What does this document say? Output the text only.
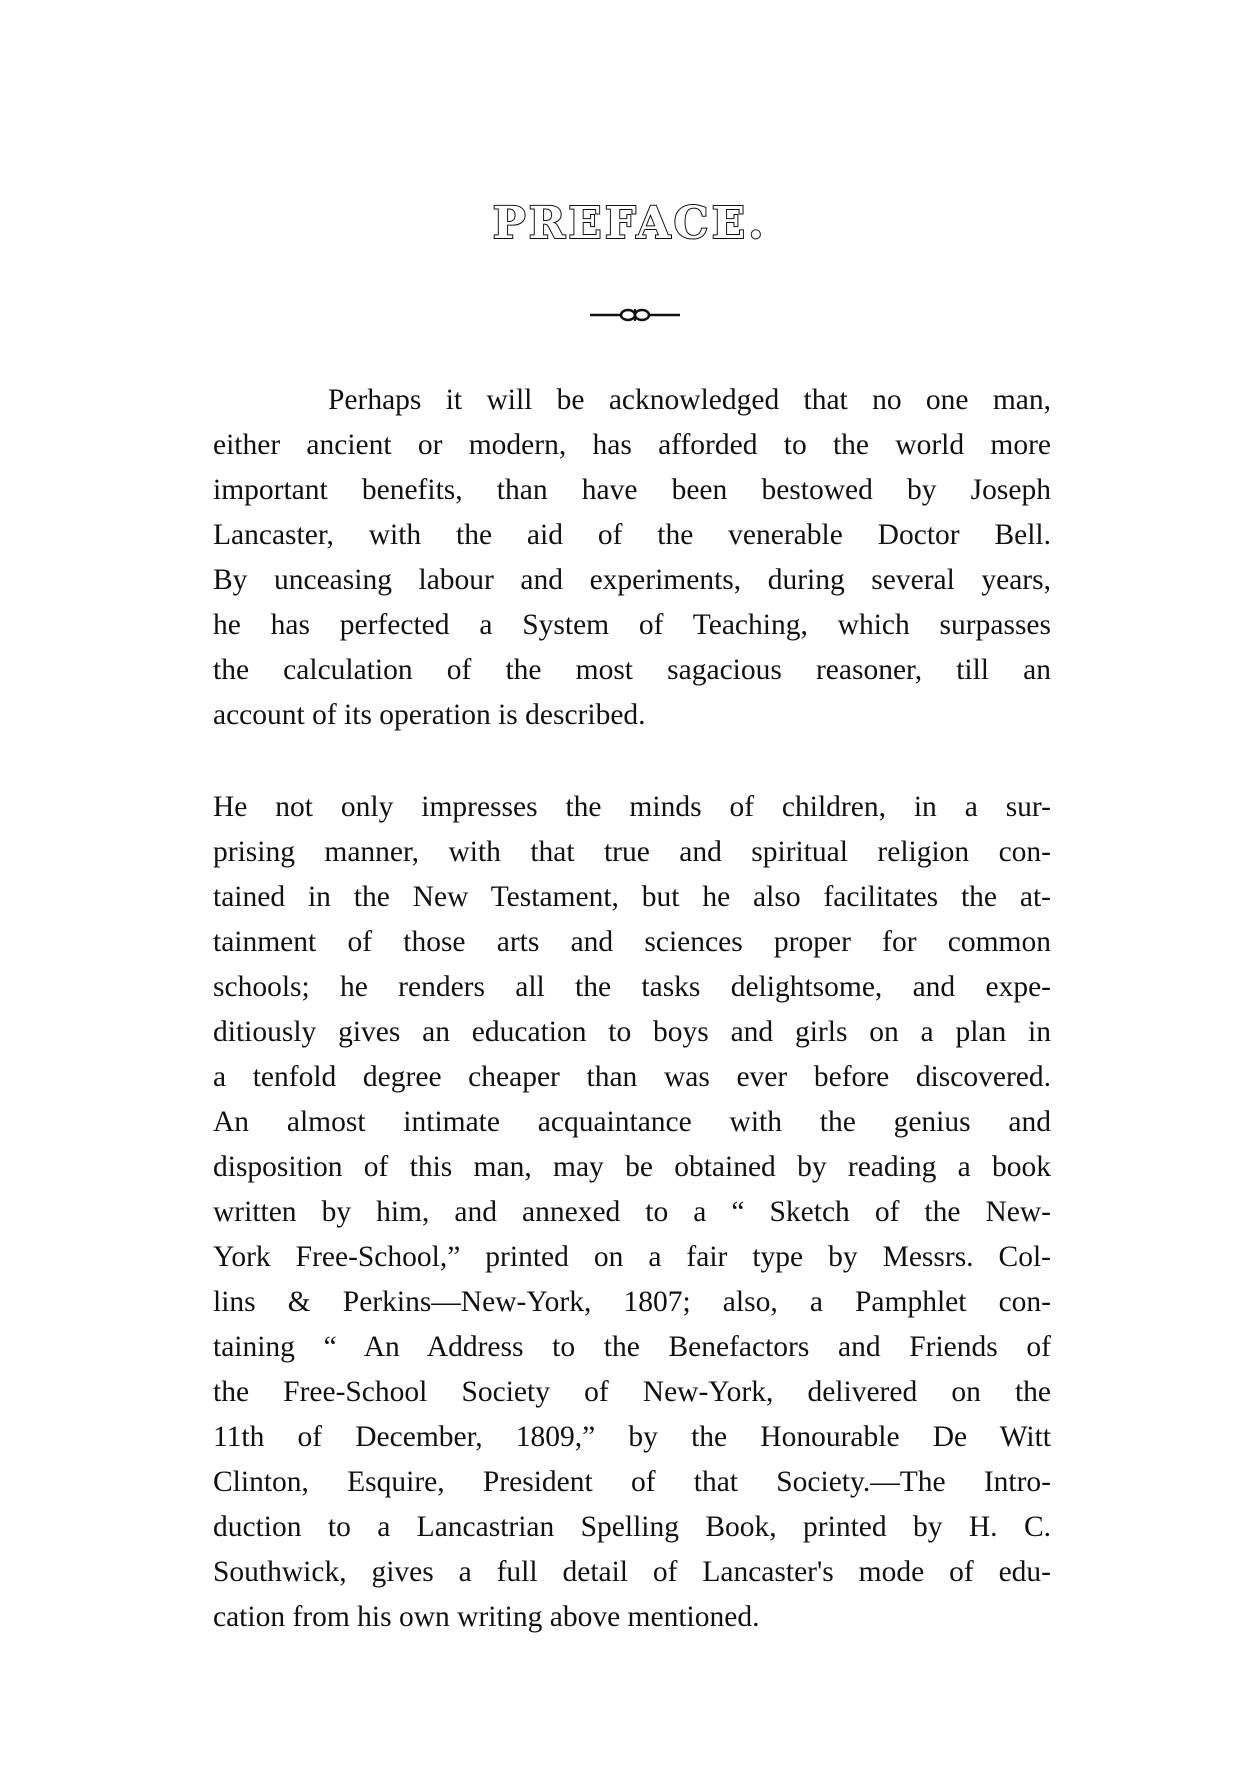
PREFACE.
Perhaps it will be acknowledged that no one man,
either ancient or modern, has afforded to the world more
important benefits, than have been bestowed by Joseph
Lancaster, with the aid of the venerable Doctor Bell.
By unceasing labour and experiments, during several years,
he has perfected a System of Teaching, which surpasses
the calculation of the most sagacious reasoner, till an
account of its operation is described.
He not only impresses the minds of children, in a sur-
prising manner, with that true and spiritual religion con-
tained in the New Testament, but he also facilitates the at-
tainment of those arts and sciences proper for common
schools; he renders all the tasks delightsome, and expe-
ditiously gives an education to boys and girls on a plan in
a tenfold degree cheaper than was ever before discovered.
An almost intimate acquaintance with the genius and
disposition of this man, may be obtained by reading a book
written by him, and annexed to a “ Sketch of the New-
York Free-School,” printed on a fair type by Messrs. Col-
lins & Perkins—New-York, 1807; also, a Pamphlet con-
taining “ An Address to the Benefactors and Friends of
the Free-School Society of New-York, delivered on the
11th of December, 1809,” by the Honourable De Witt
Clinton, Esquire, President of that Society.—The Intro-
duction to a Lancastrian Spelling Book, printed by H. C.
Southwick, gives a full detail of Lancaster's mode of edu-
cation from his own writing above mentioned.
